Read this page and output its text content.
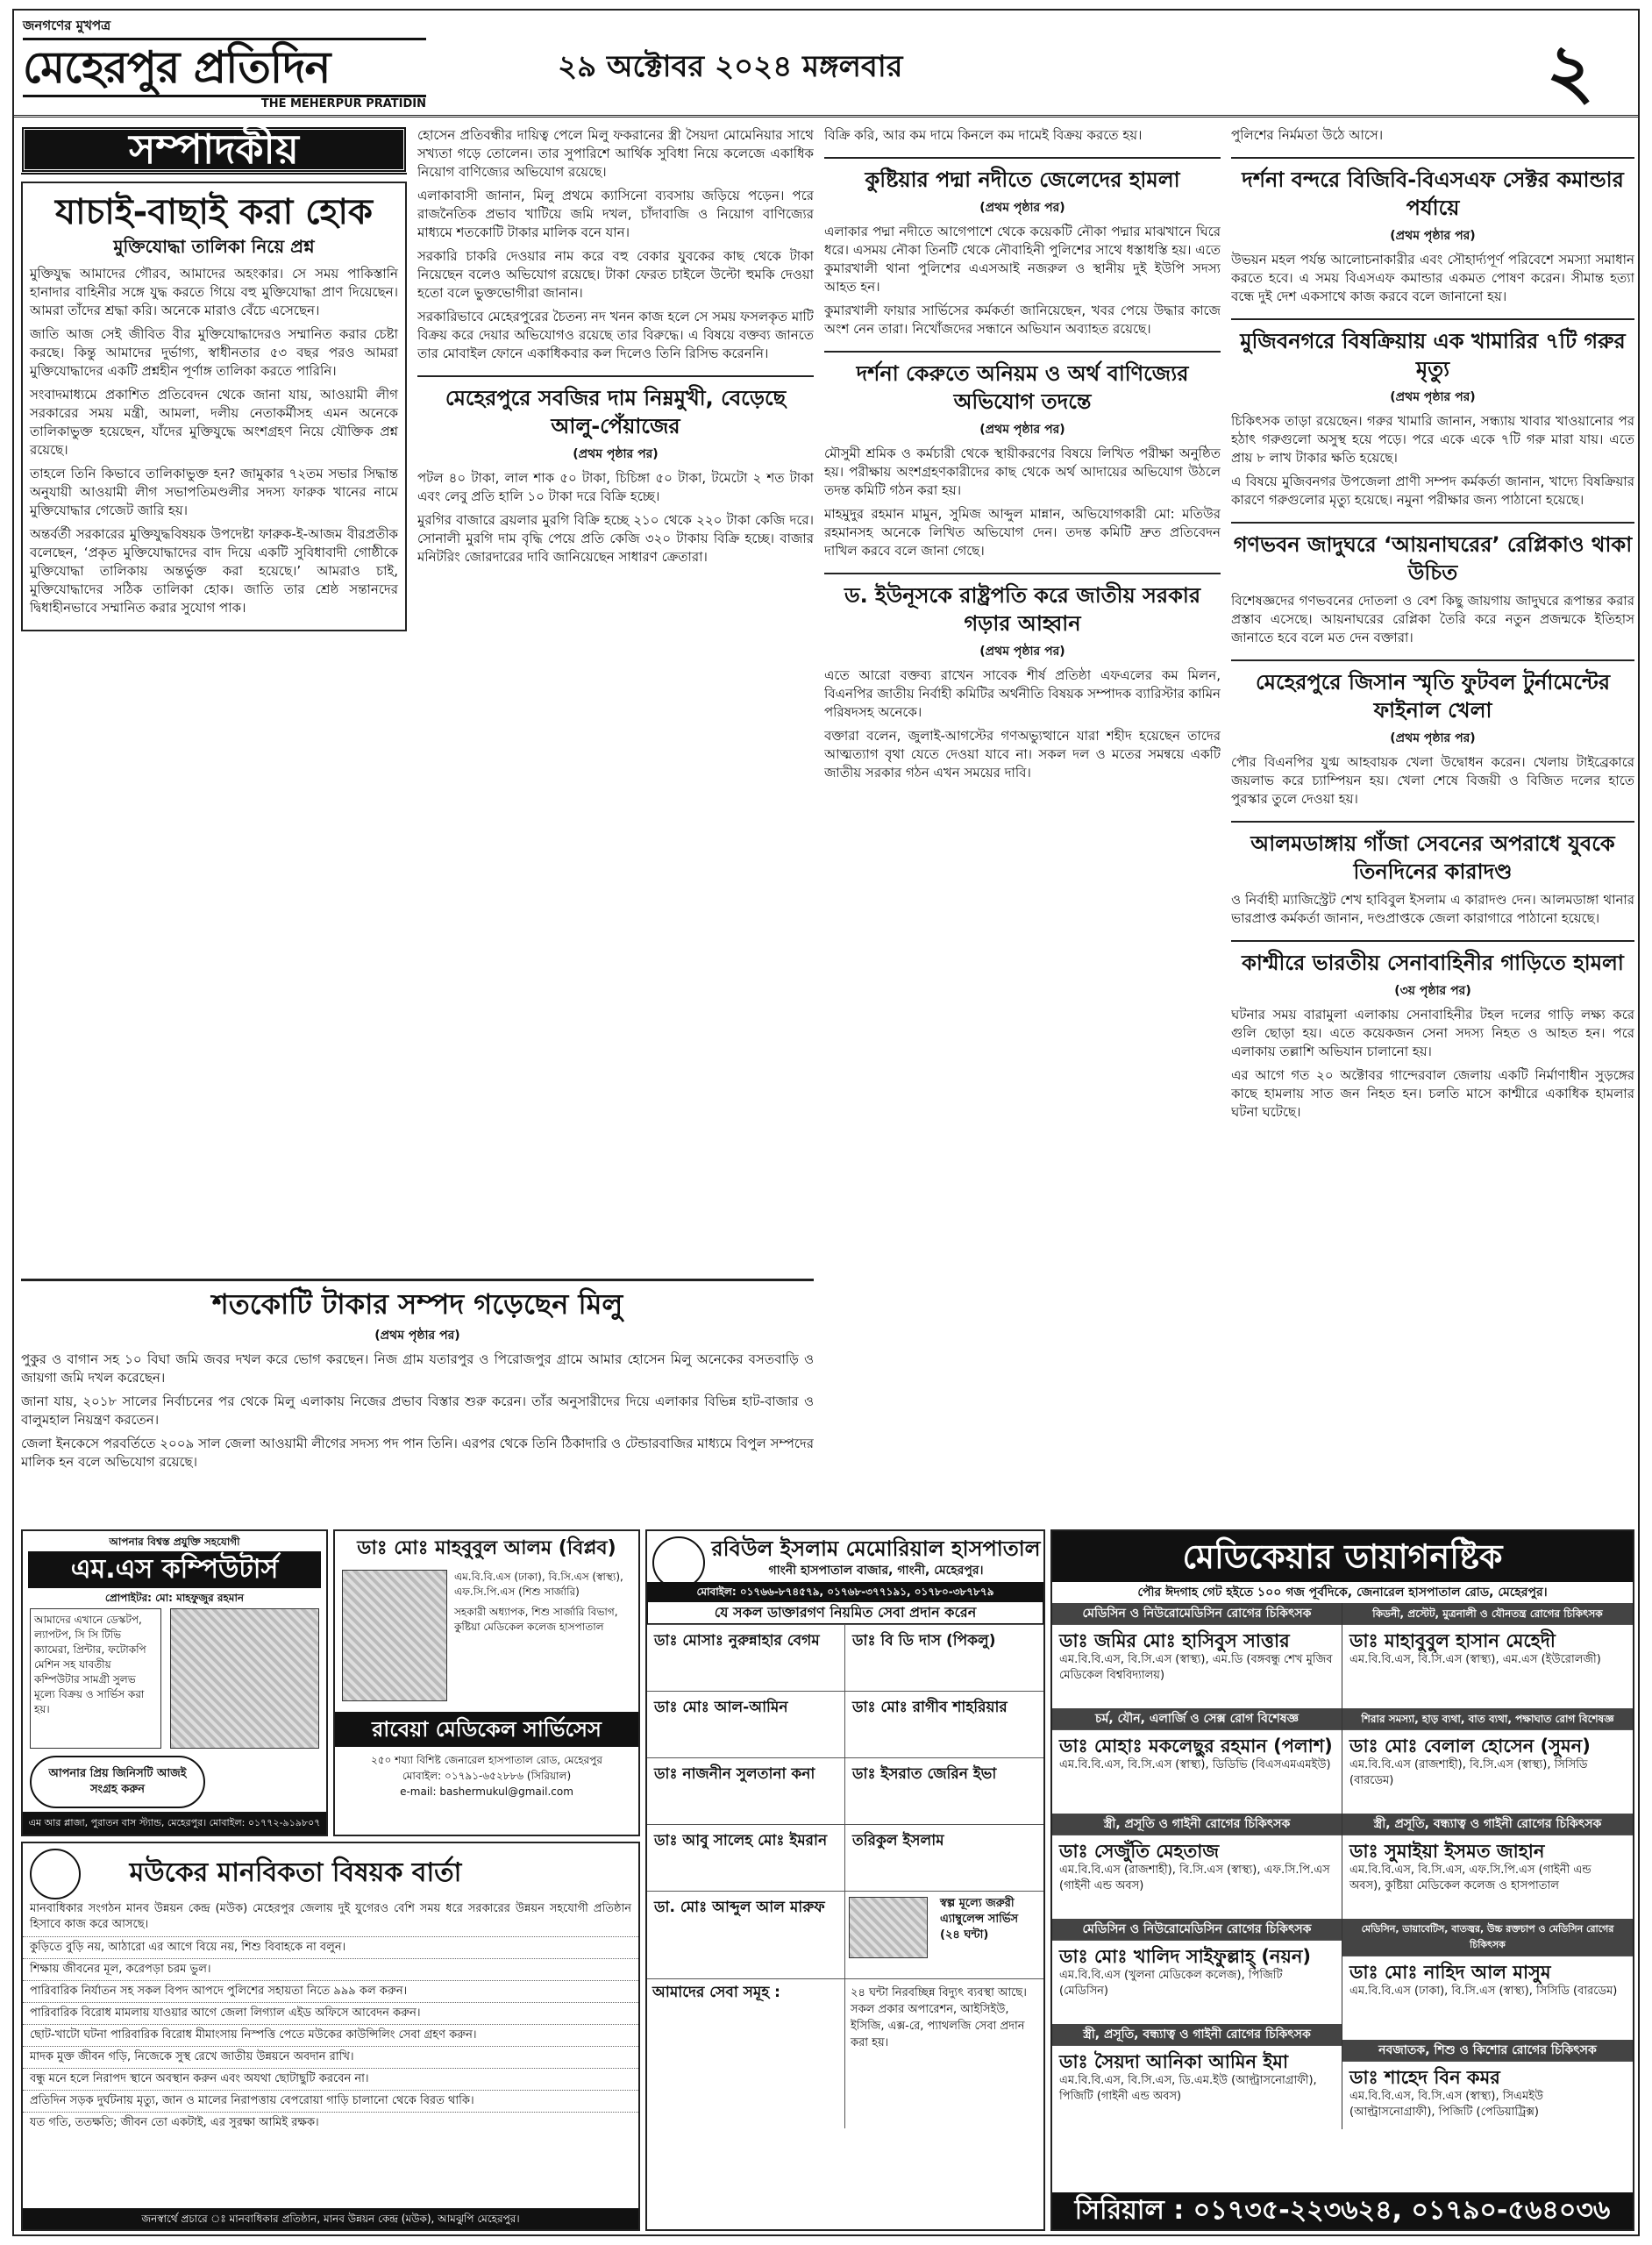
জনগণের মুখপত্র
মেহেরপুর প্রতিদিন
THE MEHERPUR PRATIDIN
২৯ অক্টোবর ২০২৪ মঙ্গলবার	২
সম্পাদকীয়
যাচাই-বাছাই করা হোক
মুক্তিযোদ্ধা তালিকা নিয়ে প্রশ্ন

মুক্তিযুদ্ধ আমাদের গৌরব, আমাদের অহংকার। সে সময় পাকিস্তানি হানাদার বাহিনীর সঙ্গে যুদ্ধ করতে গিয়ে বহু মুক্তিযোদ্ধা প্রাণ দিয়েছেন। আমরা তাঁদের শ্রদ্ধা করি। অনেকে মারাও বেঁচে এসেছেন।

জাতি আজ সেই জীবিত বীর মুক্তিযোদ্ধাদেরও সম্মানিত করার চেষ্টা করছে। কিন্তু আমাদের দুর্ভাগ্য, স্বাধীনতার ৫৩ বছর পরও আমরা মুক্তিযোদ্ধাদের একটি প্রশ্নহীন পূর্ণাঙ্গ তালিকা করতে পারিনি।

সংবাদমাধ্যমে প্রকাশিত প্রতিবেদন থেকে জানা যায়, আওয়ামী লীগ সরকারের সময় মন্ত্রী, আমলা, দলীয় নেতাকর্মীসহ এমন অনেকে তালিকাভুক্ত হয়েছেন, যাঁদের মুক্তিযুদ্ধে অংশগ্রহণ নিয়ে যৌক্তিক প্রশ্ন রয়েছে।

তাহলে তিনি কিভাবে তালিকাভুক্ত হন? জামুকার ৭২তম সভার সিদ্ধান্ত অনুযায়ী আওয়ামী লীগ সভাপতিমণ্ডলীর সদস্য ফারুক খানের নামে মুক্তিযোদ্ধার গেজেট জারি হয়।

অন্তর্বর্তী সরকারের মুক্তিযুদ্ধবিষয়ক উপদেষ্টা ফারুক-ই-আজম বীরপ্রতীক বলেছেন, ‘প্রকৃত মুক্তিযোদ্ধাদের বাদ দিয়ে একটি সুবিধাবাদী গোষ্ঠীকে মুক্তিযোদ্ধা তালিকায় অন্তর্ভুক্ত করা হয়েছে।’ আমরাও চাই, মুক্তিযোদ্ধাদের সঠিক তালিকা হোক। জাতি তার শ্রেষ্ঠ সন্তানদের দ্বিধাহীনভাবে সম্মানিত করার সুযোগ পাক।

হোসেন প্রতিবন্ধীর দায়িত্ব পেলে মিলু ফকরানের স্ত্রী সৈয়দা মোমেনিয়ার সাথে সখ্যতা গড়ে তোলেন। তার সুপারিশে আর্থিক সুবিধা নিয়ে কলেজে একাধিক নিয়োগ বাণিজ্যের অভিযোগ রয়েছে।

এলাকাবাসী জানান, মিলু প্রথমে ক্যাসিনো ব্যবসায় জড়িয়ে পড়েন। পরে রাজনৈতিক প্রভাব খাটিয়ে জমি দখল, চাঁদাবাজি ও নিয়োগ বাণিজ্যের মাধ্যমে শতকোটি টাকার মালিক বনে যান।

সরকারি চাকরি দেওয়ার নাম করে বহু বেকার যুবকের কাছ থেকে টাকা নিয়েছেন বলেও অভিযোগ রয়েছে। টাকা ফেরত চাইলে উল্টো হুমকি দেওয়া হতো বলে ভুক্তভোগীরা জানান।

সরকারিভাবে মেহেরপুরের চৈতন্য নদ খনন কাজ হলে সে সময় ফসলকৃত মাটি বিক্রয় করে দেয়ার অভিযোগও রয়েছে তার বিরুদ্ধে। এ বিষয়ে বক্তব্য জানতে তার মোবাইল ফোনে একাধিকবার কল দিলেও তিনি রিসিভ করেননি।

মেহেরপুরে সবজির দাম নিম্নমুখী, বেড়েছে আলু-পেঁয়াজের
(প্রথম পৃষ্ঠার পর)

পটল ৪০ টাকা, লাল শাক ৫০ টাকা, চিচিঙ্গা ৫০ টাকা, টমেটো ২ শত টাকা এবং লেবু প্রতি হালি ১০ টাকা দরে বিক্রি হচ্ছে।

মুরগির বাজারে ব্রয়লার মুরগি বিক্রি হচ্ছে ২১০ থেকে ২২০ টাকা কেজি দরে। সোনালী মুরগি দাম বৃদ্ধি পেয়ে প্রতি কেজি ৩২০ টাকায় বিক্রি হচ্ছে। বাজার মনিটরিং জোরদারের দাবি জানিয়েছেন সাধারণ ক্রেতারা।

বিক্রি করি, আর কম দামে কিনলে কম দামেই বিক্রয় করতে হয়।

কুষ্টিয়ার পদ্মা নদীতে জেলেদের হামলা
(প্রথম পৃষ্ঠার পর)

এলাকার পদ্মা নদীতে আগেপাশে থেকে কয়েকটি নৌকা পদ্মার মাঝখানে ঘিরে ধরে। এসময় নৌকা তিনটি থেকে নৌবাহিনী পুলিশের সাথে ধস্তাধস্তি হয়। এতে কুমারখালী থানা পুলিশের এএসআই নজরুল ও স্থানীয় দুই ইউপি সদস্য আহত হন।

কুমারখালী ফায়ার সার্ভিসের কর্মকর্তা জানিয়েছেন, খবর পেয়ে উদ্ধার কাজে অংশ নেন তারা। নিখোঁজদের সন্ধানে অভিযান অব্যাহত রয়েছে।

দর্শনা কেরুতে অনিয়ম ও অর্থ বাণিজ্যের অভিযোগ তদন্তে
(প্রথম পৃষ্ঠার পর)

মৌসুমী শ্রমিক ও কর্মচারী থেকে স্থায়ীকরণের বিষয়ে লিখিত পরীক্ষা অনুষ্ঠিত হয়। পরীক্ষায় অংশগ্রহণকারীদের কাছ থেকে অর্থ আদায়ের অভিযোগ উঠলে তদন্ত কমিটি গঠন করা হয়।

মাহমুদুর রহমান মামুন, সুমিজ আব্দুল মান্নান, অভিযোগকারী মো: মতিউর রহমানসহ অনেকে লিখিত অভিযোগ দেন। তদন্ত কমিটি দ্রুত প্রতিবেদন দাখিল করবে বলে জানা গেছে।

ড. ইউনূসকে রাষ্ট্রপতি করে জাতীয় সরকার গড়ার আহ্বান
(প্রথম পৃষ্ঠার পর)

এতে আরো বক্তব্য রাখেন সাবেক শীর্ষ প্রতিষ্ঠা এফএলের কম মিলন, বিএনপির জাতীয় নির্বাহী কমিটির অর্থনীতি বিষয়ক সম্পাদক ব্যারিস্টার কামিন পরিষদসহ অনেকে।

বক্তারা বলেন, জুলাই-আগস্টের গণঅভ্যুত্থানে যারা শহীদ হয়েছেন তাদের আত্মত্যাগ বৃথা যেতে দেওয়া যাবে না। সকল দল ও মতের সমন্বয়ে একটি জাতীয় সরকার গঠন এখন সময়ের দাবি।

পুলিশের নির্মমতা উঠে আসে।

দর্শনা বন্দরে বিজিবি-বিএসএফ সেক্টর কমান্ডার পর্যায়ে
(প্রথম পৃষ্ঠার পর)

উভয়ন মহল পর্যন্ত আলোচনাকারীর এবং সৌহার্দ্যপূর্ণ পরিবেশে সমস্যা সমাধান করতে হবে। এ সময় বিএসএফ কমান্ডার একমত পোষণ করেন। সীমান্ত হত্যা বন্ধে দুই দেশ একসাথে কাজ করবে বলে জানানো হয়।

মুজিবনগরে বিষক্রিয়ায় এক খামারির ৭টি গরুর মৃত্যু
(প্রথম পৃষ্ঠার পর)

চিকিৎসক তাড়া রয়েছেন। গরুর খামারি জানান, সন্ধ্যায় খাবার খাওয়ানোর পর হঠাৎ গরুগুলো অসুস্থ হয়ে পড়ে। পরে একে একে ৭টি গরু মারা যায়। এতে প্রায় ৮ লাখ টাকার ক্ষতি হয়েছে।

এ বিষয়ে মুজিবনগর উপজেলা প্রাণী সম্পদ কর্মকর্তা জানান, খাদ্যে বিষক্রিয়ার কারণে গরুগুলোর মৃত্যু হয়েছে। নমুনা পরীক্ষার জন্য পাঠানো হয়েছে।

গণভবন জাদুঘরে ‘আয়নাঘরের’ রেপ্লিকাও থাকা উচিত

বিশেষজ্ঞদের গণভবনের দোতলা ও বেশ কিছু জায়গায় জাদুঘরে রূপান্তর করার প্রস্তাব এসেছে। আয়নাঘরের রেপ্লিকা তৈরি করে নতুন প্রজন্মকে ইতিহাস জানাতে হবে বলে মত দেন বক্তারা।

মেহেরপুরে জিসান স্মৃতি ফুটবল টুর্নামেন্টের ফাইনাল খেলা
(প্রথম পৃষ্ঠার পর)

পৌর বিএনপির যুগ্ম আহবায়ক খেলা উদ্বোধন করেন। খেলায় টাইব্রেকারে জয়লাভ করে চ্যাম্পিয়ন হয়। খেলা শেষে বিজয়ী ও বিজিত দলের হাতে পুরস্কার তুলে দেওয়া হয়।

আলমডাঙ্গায় গাঁজা সেবনের অপরাধে যুবকে তিনদিনের কারাদণ্ড

ও নির্বাহী ম্যাজিস্ট্রেট শেখ হাবিবুল ইসলাম এ কারাদণ্ড দেন। আলমডাঙ্গা থানার ভারপ্রাপ্ত কর্মকর্তা জানান, দণ্ডপ্রাপ্তকে জেলা কারাগারে পাঠানো হয়েছে।

কাশ্মীরে ভারতীয় সেনাবাহিনীর গাড়িতে হামলা
(৩য় পৃষ্ঠার পর)

ঘটনার সময় বারামুলা এলাকায় সেনাবাহিনীর টহল দলের গাড়ি লক্ষ্য করে গুলি ছোড়া হয়। এতে কয়েকজন সেনা সদস্য নিহত ও আহত হন। পরে এলাকায় তল্লাশি অভিযান চালানো হয়।

এর আগে গত ২০ অক্টোবর গান্দেরবাল জেলায় একটি নির্মাণাধীন সুড়ঙ্গের কাছে হামলায় সাত জন নিহত হন। চলতি মাসে কাশ্মীরে একাধিক হামলার ঘটনা ঘটেছে।

শতকোটি টাকার সম্পদ গড়েছেন মিলু
(প্রথম পৃষ্ঠার পর)

পুকুর ও বাগান সহ ১০ বিঘা জমি জবর দখল করে ভোগ করছেন। নিজ গ্রাম যতারপুর ও পিরোজপুর গ্রামে আমার হোসেন মিলু অনেকের বসতবাড়ি ও জায়গা জমি দখল করেছেন।

জানা যায়, ২০১৮ সালের নির্বাচনের পর থেকে মিলু এলাকায় নিজের প্রভাব বিস্তার শুরু করেন। তাঁর অনুসারীদের দিয়ে এলাকার বিভিন্ন হাট-বাজার ও বালুমহাল নিয়ন্ত্রণ করতেন।

জেলা ইনকেসে পরবর্তিতে ২০০৯ সাল জেলা আওয়ামী লীগের সদস্য পদ পান তিনি। এরপর থেকে তিনি ঠিকাদারি ও টেন্ডারবাজির মাধ্যমে বিপুল সম্পদের মালিক হন বলে অভিযোগ রয়েছে।

আপনার বিশ্বস্ত প্রযুক্তি সহযোগী
এম.এস কম্পিউটার্স
প্রোপাইটর: মো: মাহফুজুর রহমান
আমাদের এখানে ডেস্কটপ, ল্যাপটপ, সি সি টিভি ক্যামেরা, প্রিন্টার, ফটোকপি মেশিন সহ যাবতীয় কম্পিউটার সামগ্রী সুলভ মূল্যে বিক্রয় ও সার্ভিস করা হয়।
আপনার প্রিয় জিনিসটি আজই সংগ্রহ করুন
এম আর প্লাজা, পুরাতন বাস স্ট্যান্ড, মেহেরপুর। মোবাইল: ০১৭৭২-৯১৯৮০৭
ডাঃ মোঃ মাহবুবুল আলম (বিপ্লব)
এম.বি.বি.এস (ঢাকা), বি.সি.এস (স্বাস্থ্য), এফ.সি.পি.এস (শিশু সার্জারি)
সহকারী অধ্যাপক, শিশু সার্জারি বিভাগ, কুষ্টিয়া মেডিকেল কলেজ হাসপাতাল
রাবেয়া মেডিকেল সার্ভিসেস
২৫০ শয্যা বিশিষ্ট জেনারেল হাসপাতাল রোড, মেহেরপুর
মোবাইল: ০১৭৯১-৬৫২৮৮৬ (সিরিয়াল)
e-mail: bashermukul@gmail.com
রবিউল ইসলাম মেমোরিয়াল হাসপাতাল
গাংনী হাসপাতাল বাজার, গাংনী, মেহেরপুর।
মোবাইল: ০১৭৬৬-৮৭৪৫৭৯, ০১৭৬৮-৩৭৭১৯১, ০১৭৮০-৩৮৭৮৭৯
যে সকল ডাক্তারগণ নিয়মিত সেবা প্রদান করেন
ডাঃ মোসাঃ নুরুন্নাহার বেগম	ডাঃ বি ডি দাস (পিকলু)
ডাঃ মোঃ আল-আমিন	ডাঃ মোঃ রাগীব শাহরিয়ার
ডাঃ নাজনীন সুলতানা কনা	ডাঃ ইসরাত জেরিন ইভা
ডাঃ আবু সালেহ মোঃ ইমরান	তরিকুল ইসলাম
ডা. মোঃ আব্দুল আল মারুফ	স্বল্প মূল্যে জরুরী এ্যাম্বুলেন্স সার্ভিস (২৪ ঘন্টা)
আমাদের সেবা সমূহ :	২৪ ঘন্টা নিরবচ্ছিন্ন বিদ্যুৎ ব্যবস্থা আছে। সকল প্রকার অপারেশন, আইসিইউ, ইসিজি, এক্স-রে, প্যাথলজি সেবা প্রদান করা হয়।
মউকের মানবিকতা বিষয়ক বার্তা
মানবাধিকার সংগঠন মানব উন্নয়ন কেন্দ্র (মউক) মেহেরপুর জেলায় দুই যুগেরও বেশি সময় ধরে সরকারের উন্নয়ন সহযোগী প্রতিষ্ঠান হিসাবে কাজ করে আসছে।
কুড়িতে বুড়ি নয়, আঠারো এর আগে বিয়ে নয়, শিশু বিবাহকে না বলুন।
শিক্ষায় জীবনের মূল, করেপড়া চরম ভুল।
পারিবারিক নির্যাতন সহ সকল বিপদ আপদে পুলিশের সহায়তা নিতে ৯৯৯ কল করুন।
পারিবারিক বিরোধ মামলায় যাওয়ার আগে জেলা লিগ্যাল এইড অফিসে আবেদন করুন।
ছোট-খাটো ঘটনা পারিবারিক বিরোধ মীমাংসায় নিস্পত্তি পেতে মউকের কাউন্সিলিং সেবা গ্রহণ করুন।
মাদক মুক্ত জীবন গড়ি, নিজেকে সুস্থ রেখে জাতীয় উন্নয়নে অবদান রাখি।
বন্ধু মনে হলে নিরাপদ স্থানে অবস্থান করুন এবং অযথা ছোটাছুটি করবেন না।
প্রতিদিন সড়ক দুর্ঘটনায় মৃত্যু, জান ও মালের নিরাপত্তায় বেপরোয়া গাড়ি চালানো থেকে বিরত থাকি।
যত গতি, ততক্ষতি; জীবন তো একটাই, এর সুরক্ষা আমিই রক্ষক।
জনস্বার্থে প্রচারে ঃ মানবাধিকার প্রতিষ্ঠান, মানব উন্নয়ন কেন্দ্র (মউক), আমঝুপি মেহেরপুর।
মেডিকেয়ার ডায়াগনষ্টিক
পৌর ঈদগাহ গেট হইতে ১০০ গজ পূর্বদিকে, জেনারেল হাসপাতাল রোড, মেহেরপুর।
মেডিসিন ও নিউরোমেডিসিন রোগের চিকিৎসক
ডাঃ জমির মোঃ হাসিবুস সাত্তার
এম.বি.বি.এস, বি.সি.এস (স্বাস্থ্য), এম.ডি (বঙ্গবন্ধু শেখ মুজিব মেডিকেল বিশ্ববিদ্যালয়)
চর্ম, যৌন, এলার্জি ও সেক্স রোগ বিশেষজ্ঞ
ডাঃ মোহাঃ মকলেছুর রহমান (পলাশ)
এম.বি.বি.এস, বি.সি.এস (স্বাস্থ্য), ডিডিভি (বিএসএমএমইউ)
স্ত্রী, প্রসূতি ও গাইনী রোগের চিকিৎসক
ডাঃ সেজুঁতি মেহতাজ
এম.বি.বি.এস (রাজশাহী), বি.সি.এস (স্বাস্থ্য), এফ.সি.পি.এস (গাইনী এন্ড অবস)
মেডিসিন ও নিউরোমেডিসিন রোগের চিকিৎসক
ডাঃ মোঃ খালিদ সাইফুল্লাহ্ (নয়ন)
এম.বি.বি.এস (খুলনা মেডিকেল কলেজ), পিজিটি (মেডিসিন)
স্ত্রী, প্রসূতি, বন্ধ্যাত্ব ও গাইনী রোগের চিকিৎসক
ডাঃ সৈয়দা আনিকা আমিন ইমা
এম.বি.বি.এস, বি.সি.এস, ডি.এম.ইউ (আল্ট্রাসনোগ্রাফী), পিজিটি (গাইনী এন্ড অবস)
কিডনী, প্রস্টেট, মুত্রনালী ও যৌনতন্ত্র রোগের চিকিৎসক
ডাঃ মাহাবুবুল হাসান মেহেদী
এম.বি.বি.এস, বি.সি.এস (স্বাস্থ্য), এম.এস (ইউরোলজী)
শিরার সমস্যা, হাড় ব্যথা, বাত ব্যথা, পক্ষাঘাত রোগ বিশেষজ্ঞ
ডাঃ মোঃ বেলাল হোসেন (সুমন)
এম.বি.বি.এস (রাজশাহী), বি.সি.এস (স্বাস্থ্য), সিসিডি (বারডেম)
স্ত্রী, প্রসূতি, বন্ধ্যাত্ব ও গাইনী রোগের চিকিৎসক
ডাঃ সুমাইয়া ইসমত জাহান
এম.বি.বি.এস, বি.সি.এস, এফ.সি.পি.এস (গাইনী এন্ড অবস), কুষ্টিয়া মেডিকেল কলেজ ও হাসপাতাল
মেডিসিন, ডায়াবেটিস, বাতজ্বর, উচ্চ রক্তচাপ ও মেডিসিন রোগের চিকিৎসক
ডাঃ মোঃ নাহিদ আল মাসুম
এম.বি.বি.এস (ঢাকা), বি.সি.এস (স্বাস্থ্য), সিসিডি (বারডেম)
নবজাতক, শিশু ও কিশোর রোগের চিকিৎসক
ডাঃ শাহেদ বিন কমর
এম.বি.বি.এস, বি.সি.এস (স্বাস্থ্য), সিএমইউ (আল্ট্রাসনোগ্রাফী), পিজিটি (পেডিয়াট্রিক্স)
সিরিয়াল : ০১৭৩৫-২২৩৬২৪, ০১৭৯০-৫৬৪০৩৬
